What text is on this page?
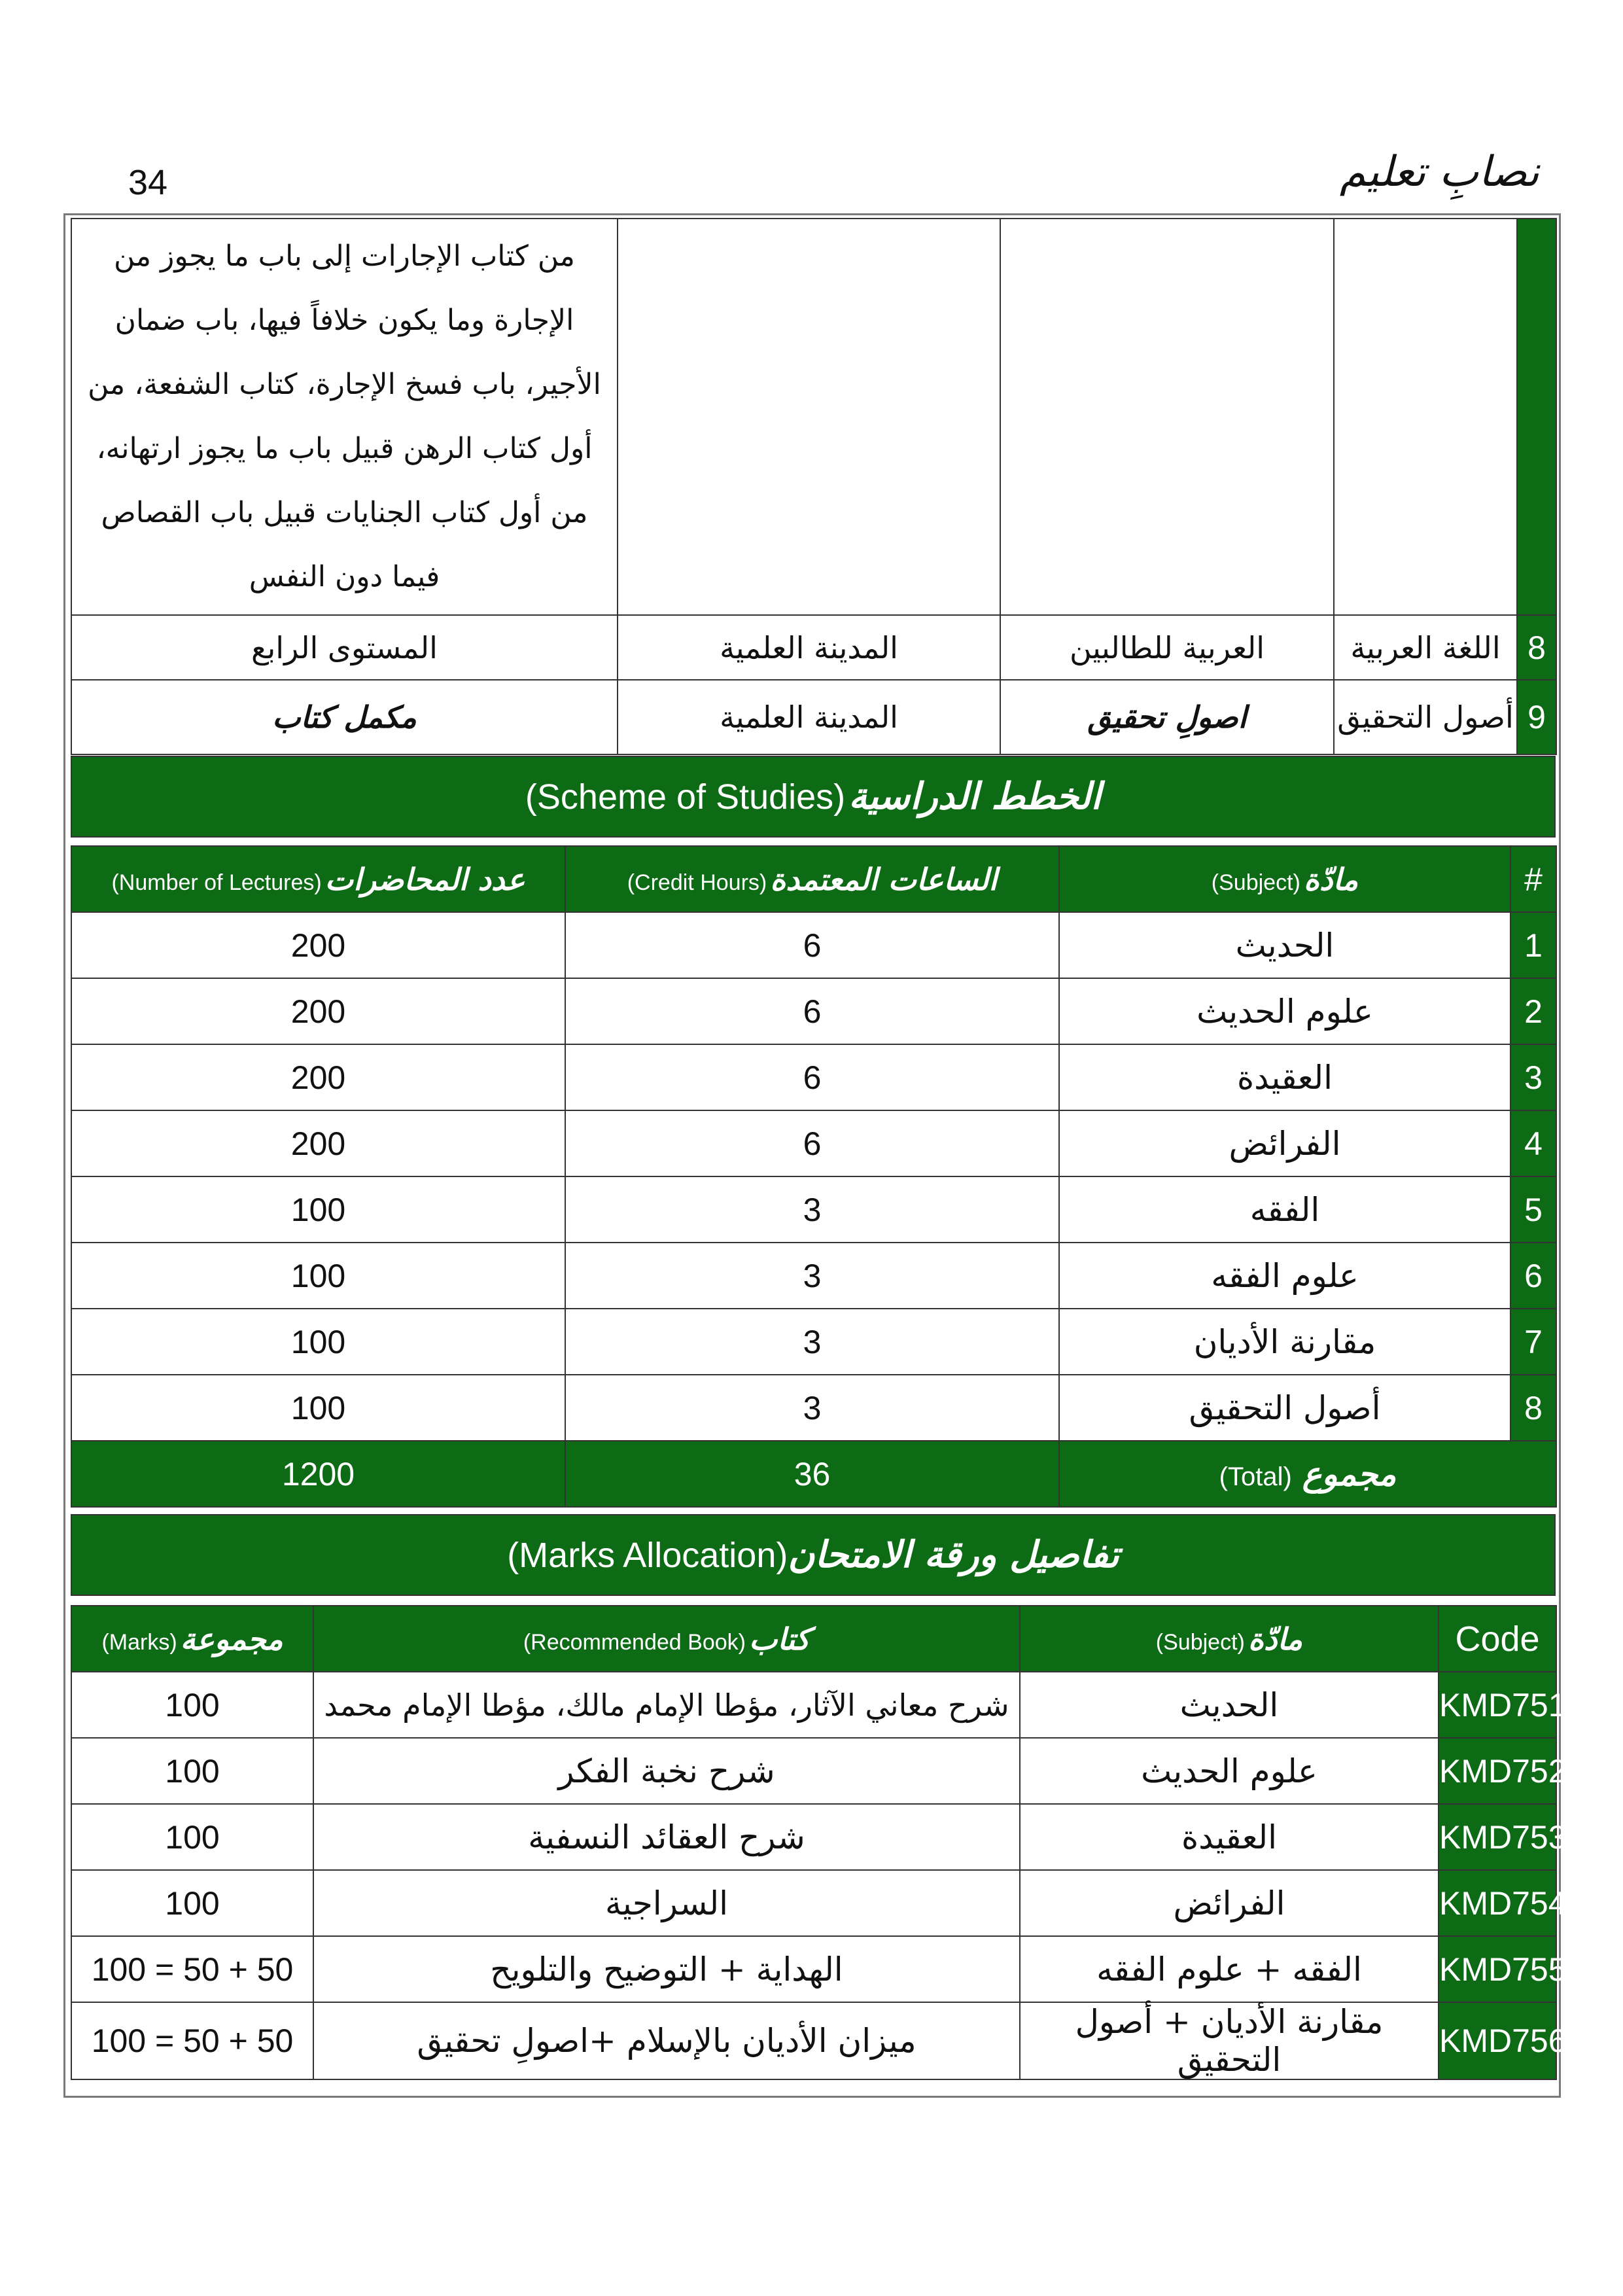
34	نصابِ تعلیم
من كتاب الإجارات إلى باب ما يجوز من الإجارة وما يكون خلافاً فيها، باب ضمان الأجير، باب فسخ الإجارة، كتاب الشفعة، من أول كتاب الرهن قبيل باب ما يجوز ارتهانه، من أول كتاب الجنايات قبيل باب القصاص فيما دون النفس				
المستوى الرابع	المدينة العلمية	العربية للطالبين	اللغة العربية	8
مکمل کتاب	المدينة العلمية	اصولِ تحقیق	أصول التحقيق	9
(Scheme of Studies) الخطط الدراسية
(Number of Lectures) عدد المحاضرات	(Credit Hours) الساعات المعتمدة	(Subject) مادّة	#
200	6	الحديث	1
200	6	علوم الحديث	2
200	6	العقيدة	3
200	6	الفرائض	4
100	3	الفقه	5
100	3	علوم الفقه	6
100	3	مقارنة الأديان	7
100	3	أصول التحقيق	8
1200	36	(Total) مجموع	
(Marks Allocation)تفاصيل ورقة الامتحان
(Marks) مجموعة	(Recommended Book) كتاب	(Subject) مادّة	Code
100	شرح معاني الآثار، مؤطا الإمام مالك، مؤطا الإمام محمد	الحديث	KMD751
100	شرح نخبة الفكر	علوم الحديث	KMD752
100	شرح العقائد النسفية	العقيدة	KMD753
100	السراجية	الفرائض	KMD754
100 = 50 + 50	الهداية + التوضيح والتلويح	الفقه + علوم الفقه	KMD755
100 = 50 + 50	ميزان الأديان بالإسلام +اصولِ تحقیق	مقارنة الأديان + أصول التحقيق	KMD756
